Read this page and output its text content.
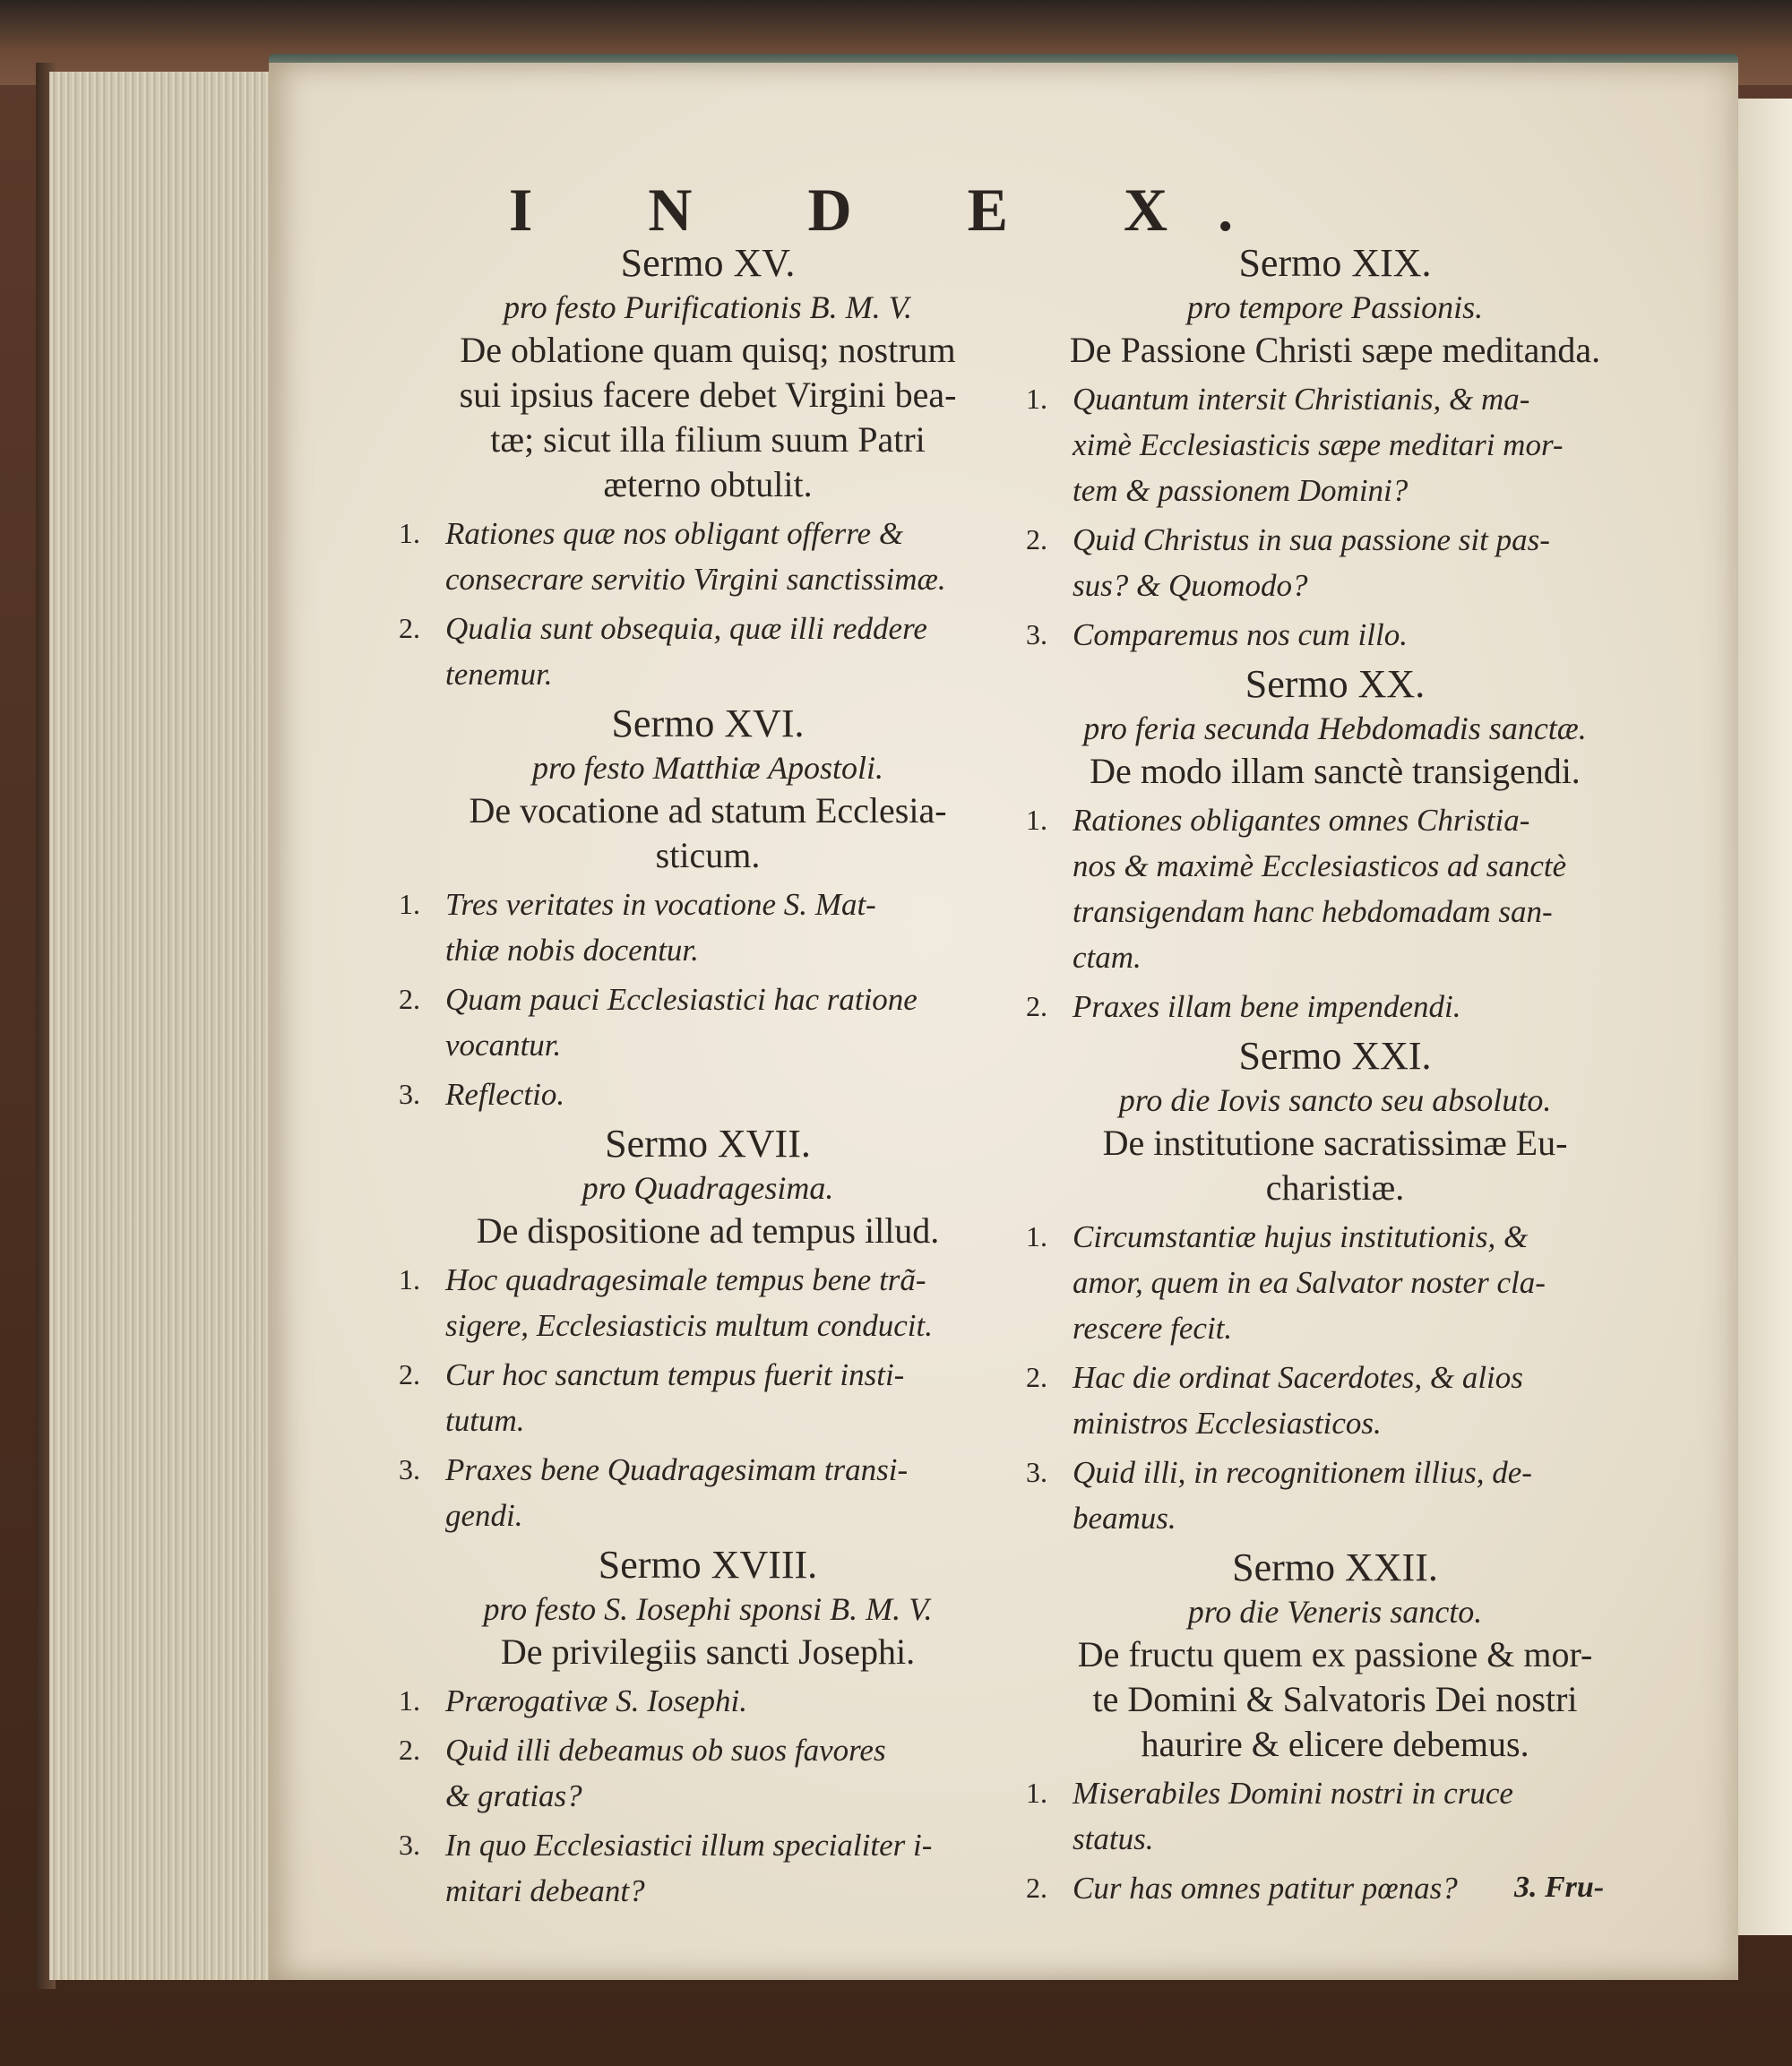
I N D E X.
Sermo XV.
pro festo Purificationis B. M. V.
De oblatione quam quisq; nostrum
sui ipsius facere debet Virgini bea-
tæ; sicut illa filium suum Patri
æterno obtulit.
1. Rationes quæ nos obligant offerre &
consecrare servitio Virgini sanctissimæ.
2. Qualia sunt obsequia, quæ illi reddere
tenemur.
Sermo XVI.
pro festo Matthiæ Apostoli.
De vocatione ad statum Ecclesia-
sticum.
1. Tres veritates in vocatione S. Mat-
thiæ nobis docentur.
2. Quam pauci Ecclesiastici hac ratione
vocantur.
3. Reflectio.
Sermo XVII.
pro Quadragesima.
De dispositione ad tempus illud.
1. Hoc quadragesimale tempus bene trã-
sigere, Ecclesiasticis multum conducit.
2. Cur hoc sanctum tempus fuerit insti-
tutum.
3. Praxes bene Quadragesimam transi-
gendi.
Sermo XVIII.
pro festo S. Iosephi sponsi B. M. V.
De privilegiis sancti Josephi.
1. Prærogativæ S. Iosephi.
2. Quid illi debeamus ob suos favores
& gratias?
3. In quo Ecclesiastici illum specialiter i-
mitari debeant?
Sermo XIX.
pro tempore Passionis.
De Passione Christi sæpe meditanda.
1. Quantum intersit Christianis, & ma-
ximè Ecclesiasticis sæpe meditari mor-
tem & passionem Domini?
2. Quid Christus in sua passione sit pas-
sus? & Quomodo?
3. Comparemus nos cum illo.
Sermo XX.
pro feria secunda Hebdomadis sanctæ.
De modo illam sanctè transigendi.
1. Rationes obligantes omnes Christia-
nos & maximè Ecclesiasticos ad sanctè
transigendam hanc hebdomadam san-
ctam.
2. Praxes illam bene impendendi.
Sermo XXI.
pro die Iovis sancto seu absoluto.
De institutione sacratissimæ Eu-
charistiæ.
1. Circumstantiæ hujus institutionis, &
amor, quem in ea Salvator noster cla-
rescere fecit.
2. Hac die ordinat Sacerdotes, & alios
ministros Ecclesiasticos.
3. Quid illi, in recognitionem illius, de-
beamus.
Sermo XXII.
pro die Veneris sancto.
De fructu quem ex passione & mor-
te Domini & Salvatoris Dei nostri
haurire & elicere debemus.
1. Miserabiles Domini nostri in cruce
status.
2. Cur has omnes patitur pœnas?	3. Fru-
